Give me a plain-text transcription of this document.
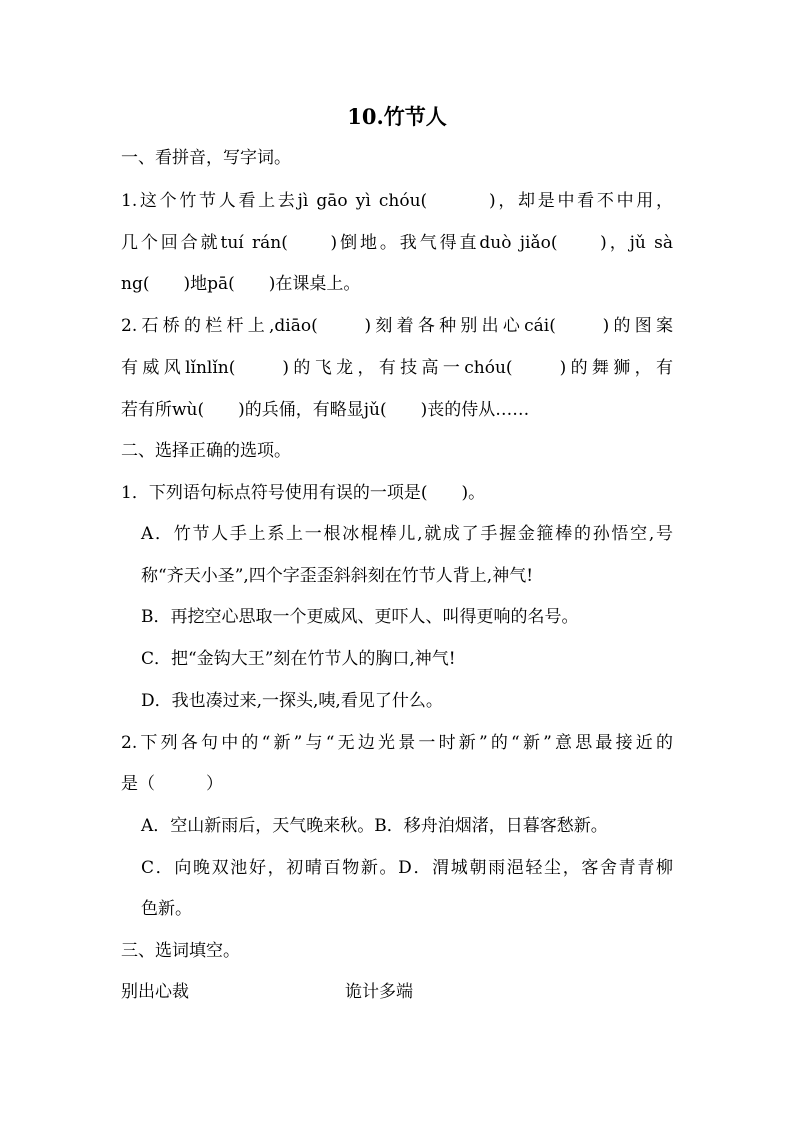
10.竹节人
一、看拼音，写字词。
1.这个竹节人看上去jì gāo yì chóu(　　　)，却是中看不中用，
几个回合就tuí rán(　　)倒地。我气得直duò jiǎo(　　)，jǔ sà
ng(　　)地pā(　　)在课桌上。
2.石桥的栏杆上,diāo(　　)刻着各种别出心cái(　　)的图案
有威风lǐnlǐn(　　)的飞龙，有技高一chóu(　　)的舞狮，有
若有所wù(　　)的兵俑，有略显jǔ(　　)丧的侍从……
二、选择正确的选项。
1．下列语句标点符号使用有误的一项是(　　)。
A．竹节人手上系上一根冰棍棒儿,就成了手握金箍棒的孙悟空,号
称“齐天小圣”,四个字歪歪斜斜刻在竹节人背上,神气!
B．再挖空心思取一个更威风、更吓人、叫得更响的名号。
C．把“金钩大王”刻在竹节人的胸口,神气!
D．我也凑过来,一探头,咦,看见了什么。
2.下列各句中的“新”与“无边光景一时新”的“新”意思最接近的
是（　　　）
A．空山新雨后，天气晚来秋。B．移舟泊烟渚，日暮客愁新。
C．向晚双池好，初晴百物新。D．渭城朝雨浥轻尘，客舍青青柳
色新。
三、选词填空。
别出心裁	诡计多端
